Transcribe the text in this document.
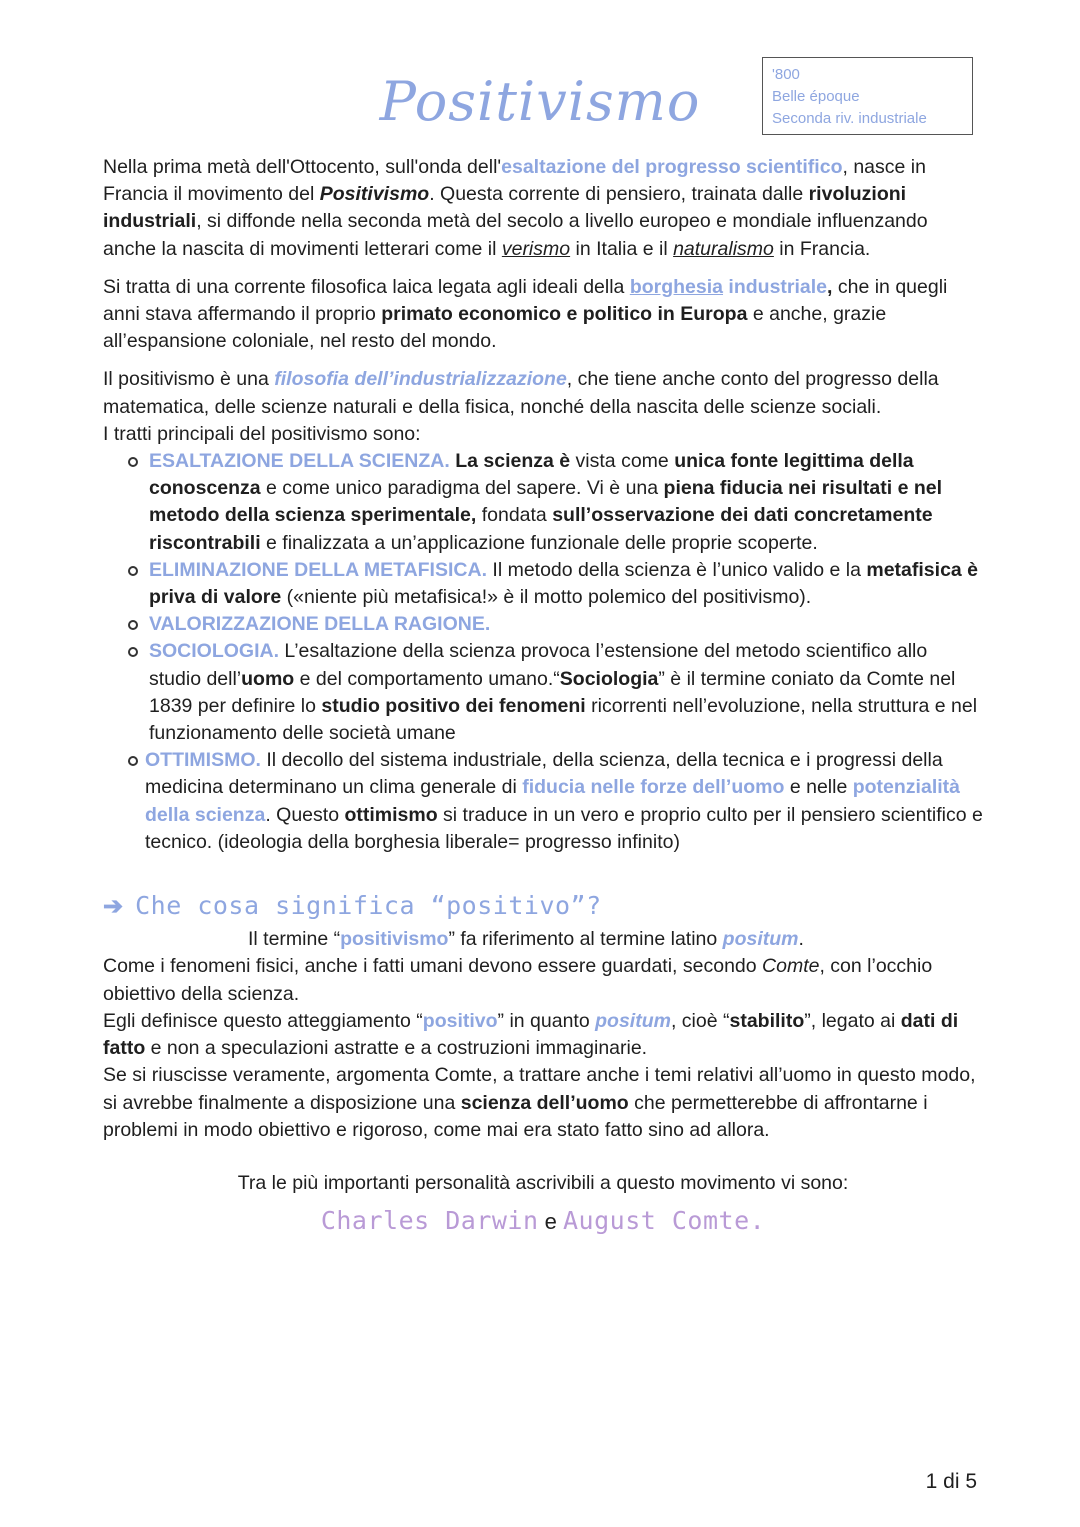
Positivismo	'800
Belle époque
Seconda riv. industriale

Nella prima metà dell'Ottocento, sull'onda dell'esaltazione del progresso scientifico, nasce in Francia il movimento del Positivismo. Questa corrente di pensiero, trainata dalle rivoluzioni industriali, si diffonde nella seconda metà del secolo a livello europeo e mondiale influenzando anche la nascita di movimenti letterari come il verismo in Italia e il naturalismo in Francia.

Si tratta di una corrente filosofica laica legata agli ideali della borghesia industriale, che in quegli anni stava affermando il proprio primato economico e politico in Europa e anche, grazie all’espansione coloniale, nel resto del mondo.

Il positivismo è una filosofia dell’industrializzazione, che tiene anche conto del progresso della matematica, delle scienze naturali e della fisica, nonché della nascita delle scienze sociali.
I tratti principali del positivismo sono:

ESALTAZIONE DELLA SCIENZA. La scienza è vista come unica fonte legittima della conoscenza e come unico paradigma del sapere. Vi è una piena fiducia nei risultati e nel metodo della scienza sperimentale, fondata sull’osservazione dei dati concretamente riscontrabili e finalizzata a un’applicazione funzionale delle proprie scoperte.
ELIMINAZIONE DELLA METAFISICA. Il metodo della scienza è l’unico valido e la metafisica è priva di valore («niente più metafisica!» è il motto polemico del positivismo).
VALORIZZAZIONE DELLA RAGIONE.
SOCIOLOGIA. L’esaltazione della scienza provoca l’estensione del metodo scientifico allo studio dell’uomo e del comportamento umano.“Sociologia” è il termine coniato da Comte nel 1839 per definire lo studio positivo dei fenomeni ricorrenti nell’evoluzione, nella struttura e nel funzionamento delle società umane
OTTIMISMO. Il decollo del sistema industriale, della scienza, della tecnica e i progressi della medicina determinano un clima generale di fiducia nelle forze dell’uomo e nelle potenzialità della scienza. Questo ottimismo si traduce in un vero e proprio culto per il pensiero scientifico e tecnico. (ideologia della borghesia liberale= progresso infinito)
➔ Che cosa significa “positivo”?
Il termine “positivismo” fa riferimento al termine latino positum.
Come i fenomeni fisici, anche i fatti umani devono essere guardati, secondo Comte, con l’occhio obiettivo della scienza.
Egli definisce questo atteggiamento “positivo” in quanto positum, cioè “stabilito”, legato ai dati di fatto e non a speculazioni astratte e a costruzioni immaginarie.
Se si riuscisse veramente, argomenta Comte, a trattare anche i temi relativi all’uomo in questo modo, si avrebbe finalmente a disposizione una scienza dell’uomo che permetterebbe di affrontarne i problemi in modo obiettivo e rigoroso, come mai era stato fatto sino ad allora.
Tra le più importanti personalità ascrivibili a questo movimento vi sono:
Charles Darwin e August Comte.
1 di 5
